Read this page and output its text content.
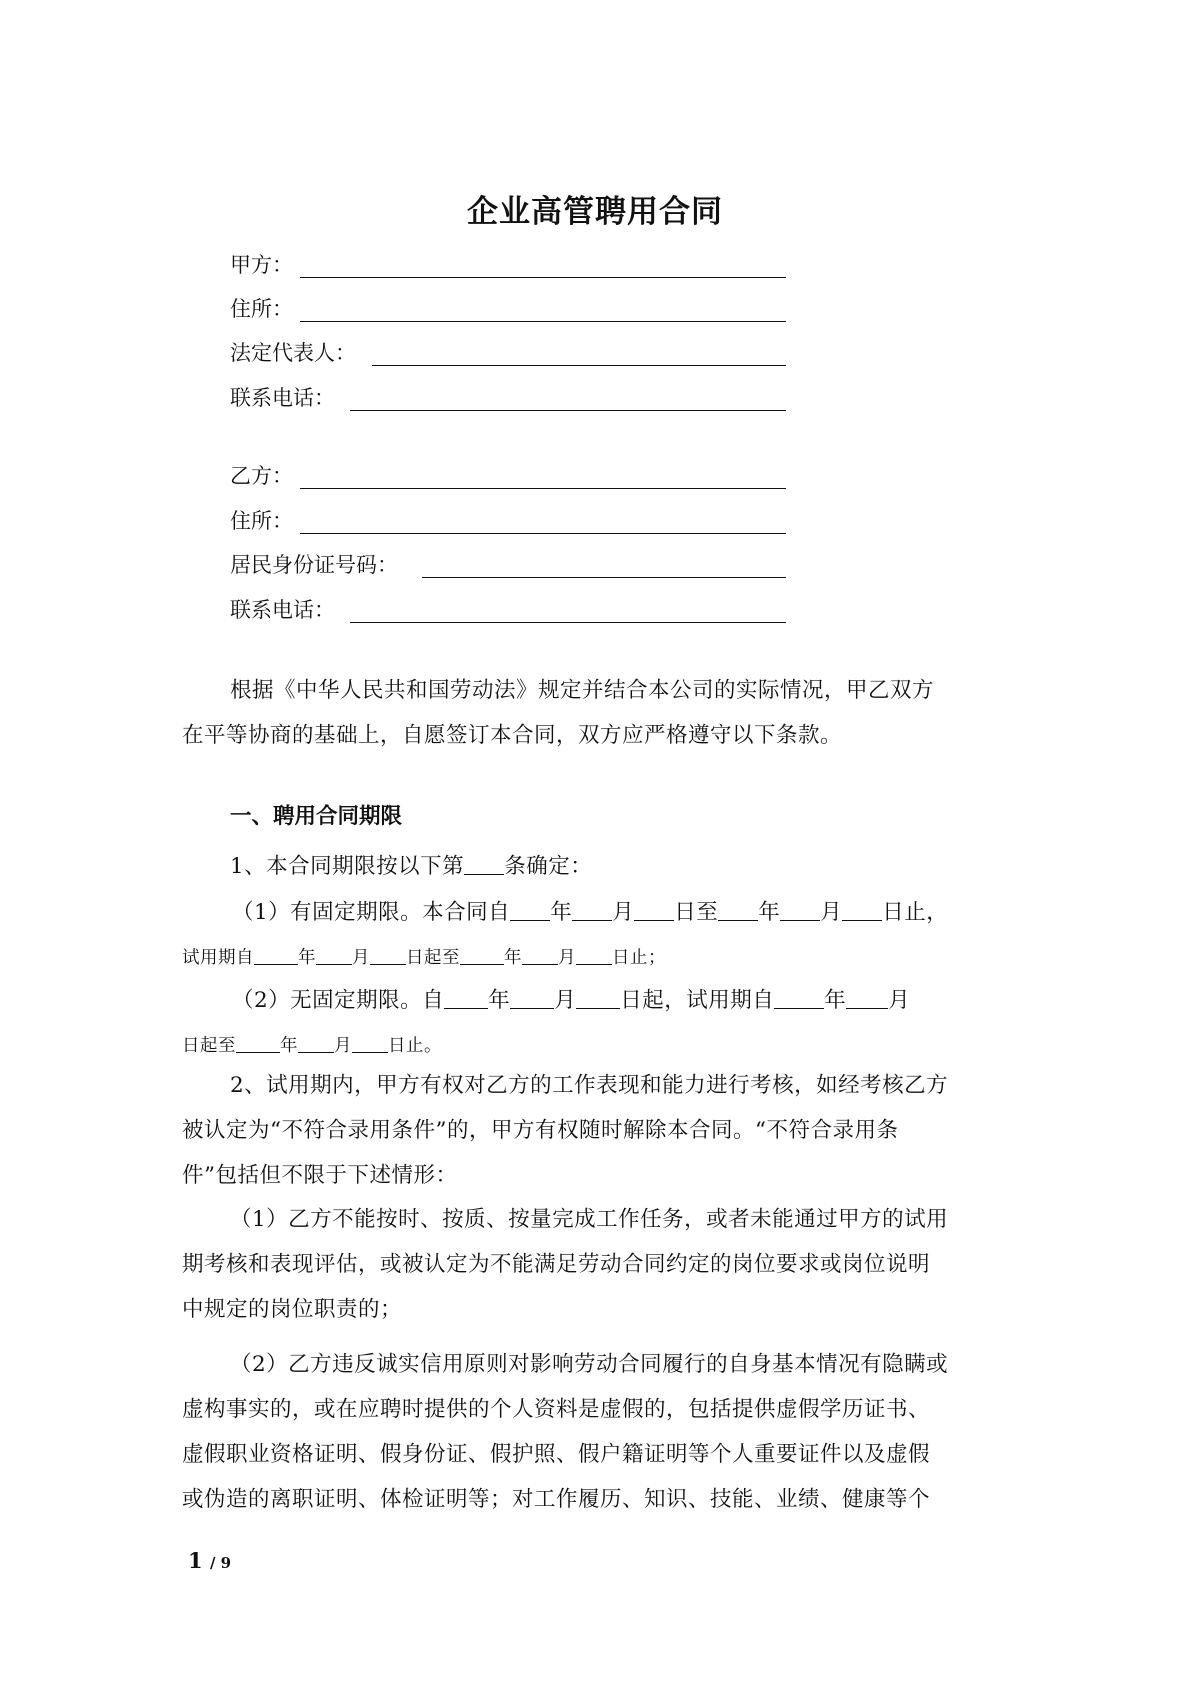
企业高管聘用合同
甲方：
住所：
法定代表人：
联系电话：
乙方：
住所：
居民身份证号码：
联系电话：

根据《中华人民共和国劳动法》规定并结合本公司的实际情况，甲乙双方

在平等协商的基础上，自愿签订本合同，双方应严格遵守以下条款。

一、聘用合同期限
1、本合同期限按以下第 条确定：
（1）有固定期限。本合同自 年 月 日至 年 月 日止，
试用期自	年 月 日起至	年 月 日止；
（2）无固定期限。自 年 月 日起，试用期自 年 月
日起至	年 月 日止。

2、试用期内，甲方有权对乙方的工作表现和能力进行考核，如经考核乙方

被认定为“不符合录用条件”的，甲方有权随时解除本合同。“不符合录用条

件”包括但不限于下述情形：

（1）乙方不能按时、按质、按量完成工作任务，或者未能通过甲方的试用

期考核和表现评估，或被认定为不能满足劳动合同约定的岗位要求或岗位说明

中规定的岗位职责的；

（2）乙方违反诚实信用原则对影响劳动合同履行的自身基本情况有隐瞒或

虚构事实的，或在应聘时提供的个人资料是虚假的，包括提供虚假学历证书、

虚假职业资格证明、假身份证、假护照、假户籍证明等个人重要证件以及虚假

或伪造的离职证明、体检证明等；对工作履历、知识、技能、业绩、健康等个

1 / 9
